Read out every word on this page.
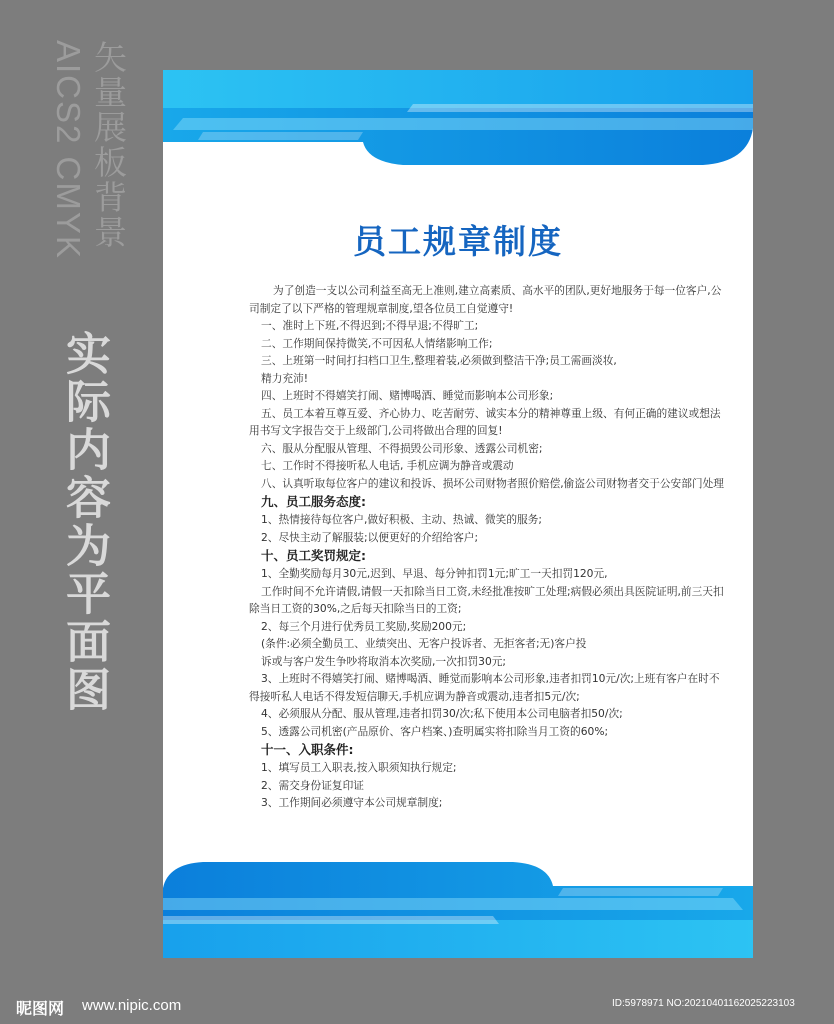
矢量展板背景
AICS2 CMYK
实际内容为平面图
员工规章制度

为了创造一支以公司利益至高无上准则,建立高素质、高水平的团队,更好地服务于每一位客户,公司制定了以下严格的管理规章制度,望各位员工自觉遵守!

一、准时上下班,不得迟到;不得早退;不得旷工;

二、工作期间保持微笑,不可因私人情绪影响工作;

三、上班第一时间打扫档口卫生,整理着装,必须做到整洁干净;员工需画淡妆,

精力充沛!

四、上班时不得嬉笑打闹、赌博喝酒、睡觉而影响本公司形象;

五、员工本着互尊互爱、齐心协力、吃苦耐劳、诚实本分的精神尊重上级、有何正确的建议或想法用书写文字报告交于上级部门,公司将做出合理的回复!

六、服从分配服从管理、不得损毁公司形象、透露公司机密;

七、工作时不得接听私人电话, 手机应调为静音或震动

八、认真听取每位客户的建议和投诉、损坏公司财物者照价赔偿,偷盗公司财物者交于公安部门处理

九、员工服务态度:

1、热情接待每位客户,做好积极、主动、热诚、微笑的服务;

2、尽快主动了解服装;以便更好的介绍给客户;

十、员工奖罚规定:

1、全勤奖励每月30元,迟到、早退、每分钟扣罚1元;旷工一天扣罚120元,

工作时间不允许请假,请假一天扣除当日工资,未经批准按旷工处理;病假必须出具医院证明,前三天扣除当日工资的30%,之后每天扣除当日的工资;

2、每三个月进行优秀员工奖励,奖励200元;

(条件:必须全勤员工、业绩突出、无客户投诉者、无拒客者;无)客户投

诉或与客户发生争吵将取消本次奖励,一次扣罚30元;

3、上班时不得嬉笑打闹、赌博喝酒、睡觉而影响本公司形象,违者扣罚10元/次;上班有客户在时不得接听私人电话不得发短信聊天,手机应调为静音或震动,违者扣5元/次;

4、必须服从分配、服从管理,违者扣罚30/次;私下使用本公司电脑者扣50/次;

5、透露公司机密(产品原价、客户档案、)查明属实将扣除当月工资的60%;

十一、入职条件:

1、填写员工入职表,按入职须知执行规定;

2、需交身份证复印证

3、工作期间必须遵守本公司规章制度;

昵图网 www.nipic.com	ID:5978971 NO:20210401162025223103
